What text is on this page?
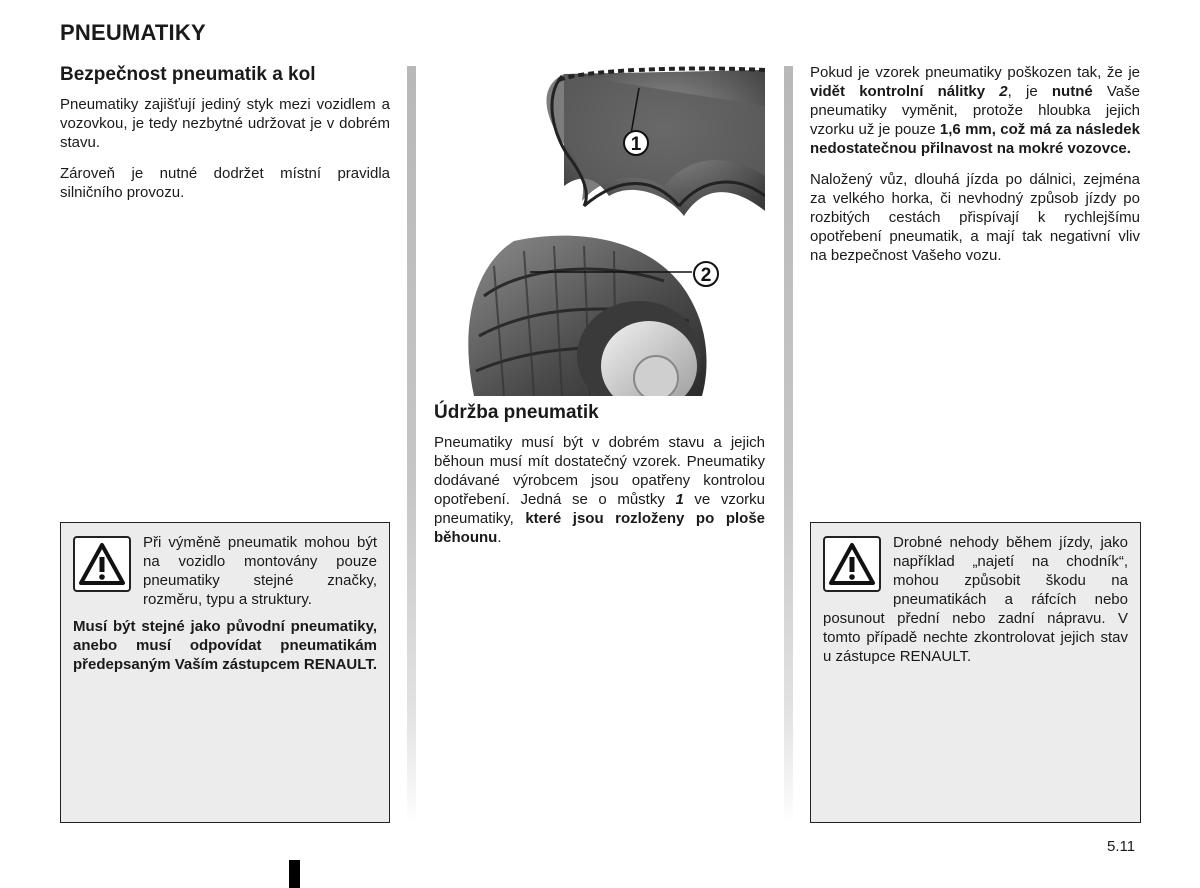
PNEUMATIKY
Bezpečnost pneumatik a kol

Pneumatiky zajišťují jediný styk mezi vozidlem a vozovkou, je tedy nezbytné udržovat je v dobrém stavu.

Zároveň je nutné dodržet místní pravidla silničního provozu.

Při výměně pneumatik mohou být na vozidlo montovány pouze pneumatiky stejné značky, rozměru, typu a struktury.

Musí být stejné jako původní pneumatiky, anebo musí odpovídat pneumatikám předepsaným Vaším zástupcem RENAULT.

1
2
Údržba pneumatik
Pneumatiky musí být v dobrém stavu a jejich běhoun musí mít dostatečný vzorek. Pneumatiky dodávané výrobcem jsou opatřeny kontrolou opotřebení. Jedná se o můstky 1 ve vzorku pneumatiky, které jsou rozloženy po ploše běhounu.

Pokud je vzorek pneumatiky poškozen tak, že je vidět kontrolní nálitky 2, je nutné Vaše pneumatiky vyměnit, protože hloubka jejich vzorku už je pouze 1,6 mm, což má za následek nedostatečnou přilnavost na mokré vozovce.

Naložený vůz, dlouhá jízda po dálnici, zejména za velkého horka, či nevhodný způsob jízdy po rozbitých cestách přispívají k rychlejšímu opotřebení pneumatik, a mají tak negativní vliv na bezpečnost Vašeho vozu.

Drobné nehody během jízdy, jako například „najetí na chodník“, mohou způsobit škodu na pneumatikách a ráfcích nebo posunout přední nebo zadní nápravu. V tomto případě nechte zkontrolovat jejich stav u zástupce RENAULT.

5.11
